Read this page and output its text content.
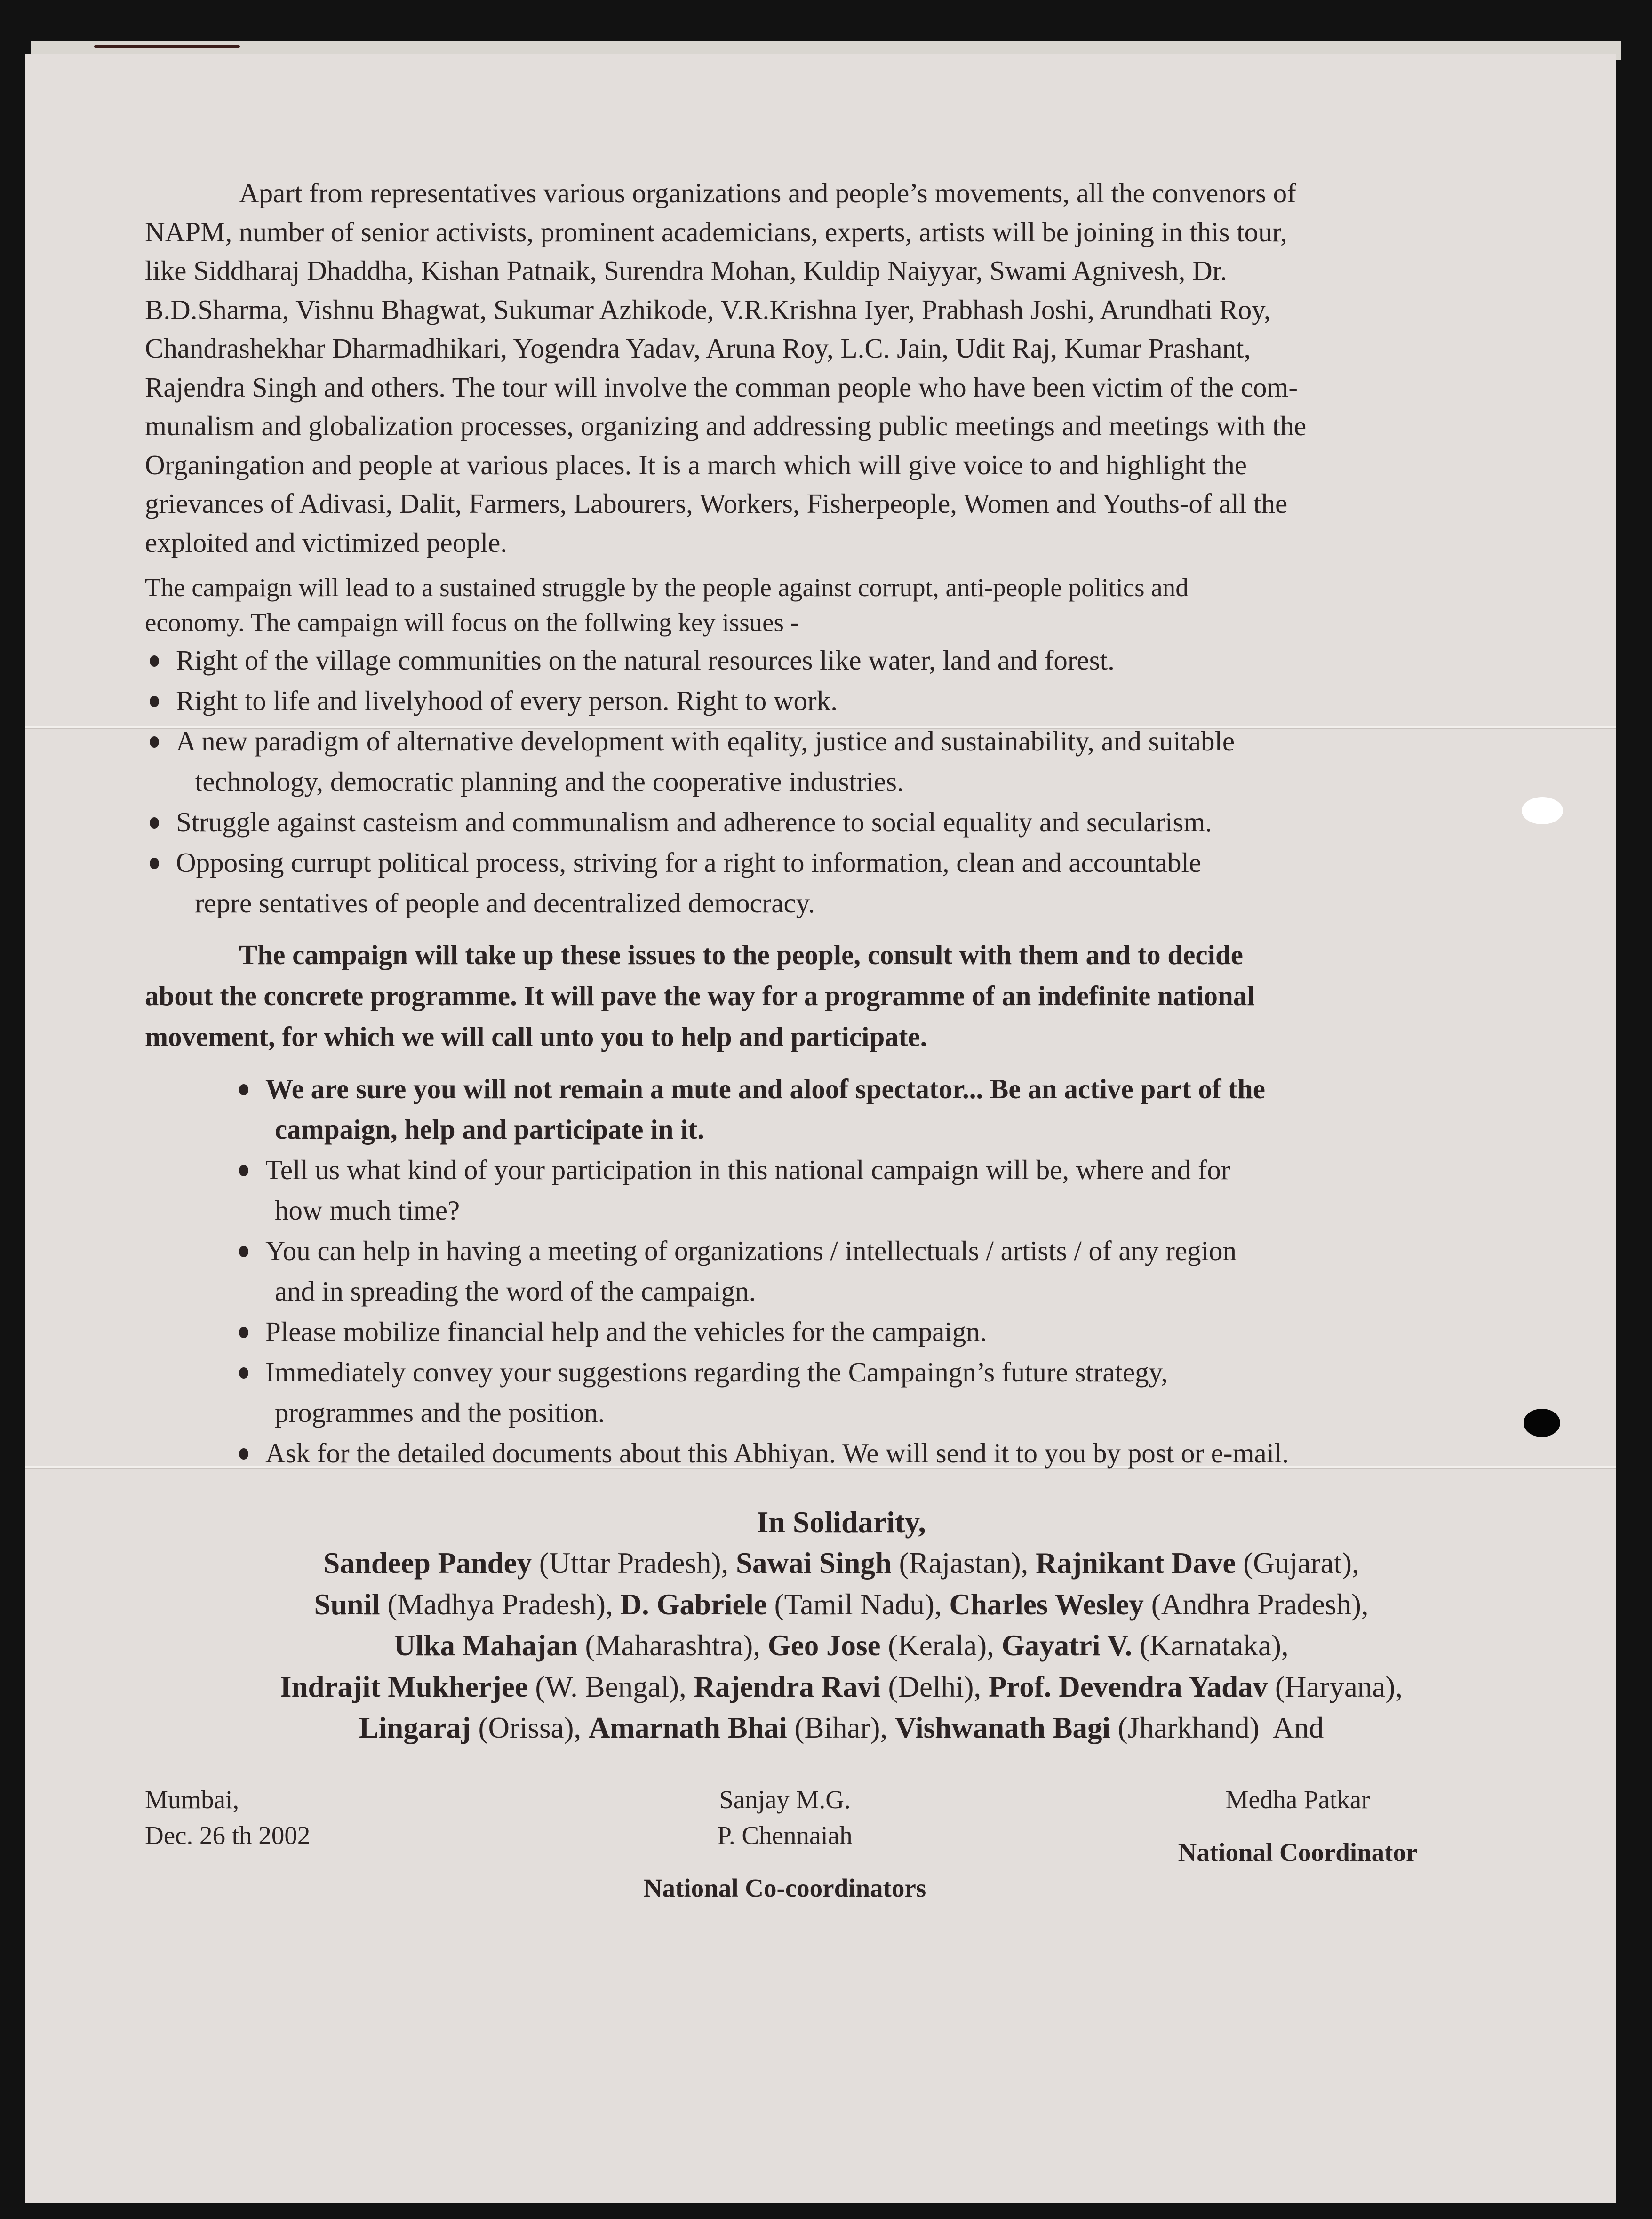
Apart from representatives various organizations and people’s movements, all the convenors of
NAPM, number of senior activists, prominent academicians, experts, artists will be joining in this tour,
like Siddharaj Dhaddha, Kishan Patnaik, Surendra Mohan, Kuldip Naiyyar, Swami Agnivesh, Dr.
B.D.Sharma, Vishnu Bhagwat, Sukumar Azhikode, V.R.Krishna Iyer, Prabhash Joshi, Arundhati Roy,
Chandrashekhar Dharmadhikari, Yogendra Yadav, Aruna Roy, L.C. Jain, Udit Raj, Kumar Prashant,
Rajendra Singh and others. The tour will involve the comman people who have been victim of the com-
munalism and globalization processes, organizing and addressing public meetings and meetings with the
Organingation and people at various places. It is a march which will give voice to and highlight the
grievances of Adivasi, Dalit, Farmers, Labourers, Workers, Fisherpeople, Women and Youths-of all the
exploited and victimized people.

The campaign will lead to a sustained struggle by the people against corrupt, anti-people politics and
economy. The campaign will focus on the follwing key issues -

Right of the village communities on the natural resources like water, land and forest.
Right to life and livelyhood of every person. Right to work.
A new paradigm of alternative development with eqality, justice and sustainability, and suitable
technology, democratic planning and the cooperative industries.
Struggle against casteism and communalism and adherence to social equality and secularism.
Opposing currupt political process, striving for a right to information, clean and accountable
repre sentatives of people and decentralized democracy.

The campaign will take up these issues to the people, consult with them and to decide
about the concrete programme. It will pave the way for a programme of an indefinite national
movement, for which we will call unto you to help and participate.

We are sure you will not remain a mute and aloof spectator... Be an active part of the
campaign, help and participate in it.
Tell us what kind of your participation in this national campaign will be, where and for
how much time?
You can help in having a meeting of organizations / intellectuals / artists / of any region
and in spreading the word of the campaign.
Please mobilize financial help and the vehicles for the campaign.
Immediately convey your suggestions regarding the Campaingn’s future strategy,
programmes and the position.
Ask for the detailed documents about this Abhiyan. We will send it to you by post or e-mail.
In Solidarity,
Sandeep Pandey (Uttar Pradesh), Sawai Singh (Rajastan), Rajnikant Dave (Gujarat),
Sunil (Madhya Pradesh), D. Gabriele (Tamil Nadu), Charles Wesley (Andhra Pradesh),
Ulka Mahajan (Maharashtra), Geo Jose (Kerala), Gayatri V. (Karnataka),
Indrajit Mukherjee (W. Bengal), Rajendra Ravi (Delhi), Prof. Devendra Yadav (Haryana),
Lingaraj (Orissa), Amarnath Bhai (Bihar), Vishwanath Bagi (Jharkhand)  And
Mumbai,
Dec. 26 th 2002
Sanjay M.G. P. Chennaiah
National Co-coordinators
Medha Patkar
National Coordinator
